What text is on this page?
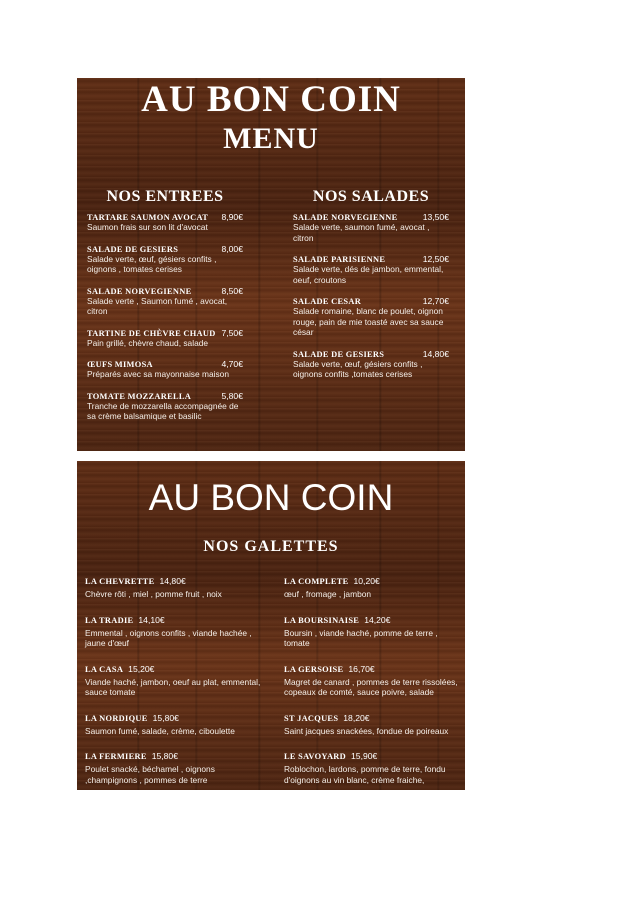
AU BON COIN
MENU
NOS ENTREES
TARTARE SAUMON AVOCAT 8,90€
Saumon frais sur son lit d'avocat
SALADE DE GESIERS	8,00€
Salade verte, œuf, gésiers confits , oignons , tomates cerises
SALADE NORVEGIENNE	8,50€
Salade verte , Saumon fumé , avocat, citron
TARTINE DE CHÈVRE CHAUD 7,50€
Pain grillé, chèvre chaud, salade
ŒUFS MIMOSA	4,70€
Préparés avec sa mayonnaise maison
TOMATE MOZZARELLA	5,80€
Tranche de mozzarella accompagnée de sa crème balsamique et basilic
NOS SALADES
SALADE NORVEGIENNE	13,50€
Salade verte, saumon fumé, avocat , citron
SALADE PARISIENNE	12,50€
Salade verte, dés de jambon, emmental, oeuf, croutons
SALADE CESAR	12,70€
Salade romaine, blanc de poulet, oignon rouge, pain de mie toasté avec sa sauce césar
SALADE DE GESIERS	14,80€
Salade verte, œuf, gésiers confits , oignons confits ,tomates cerises
AU BON COIN
NOS GALETTES
LA CHEVRETTE 14,80€
Chèvre rôti , miel , pomme fruit , noix
LA TRADIE 14,10€
Emmental , oignons confits , viande hachée , jaune d'œuf
LA CASA 15,20€
Viande haché, jambon, oeuf au plat, emmental, sauce tomate
LA NORDIQUE 15,80€
Saumon fumé, salade, crème, ciboulette
LA FERMIERE 15,80€
Poulet snacké, béchamel , oignons ,champignons , pommes de terre
LA COMPLETE 10,20€
œuf , fromage , jambon
LA BOURSINAISE 14,20€
Boursin , viande haché, pomme de terre , tomate
LA GERSOISE 16,70€
Magret de canard , pommes de terre rissolées, copeaux de comté, sauce poivre, salade
ST JACQUES 18,20€
Saint jacques snackées, fondue de poireaux
LE SAVOYARD 15,90€
Roblochon, lardons, pomme de terre, fondu d'oignons au vin blanc, crème fraiche,
